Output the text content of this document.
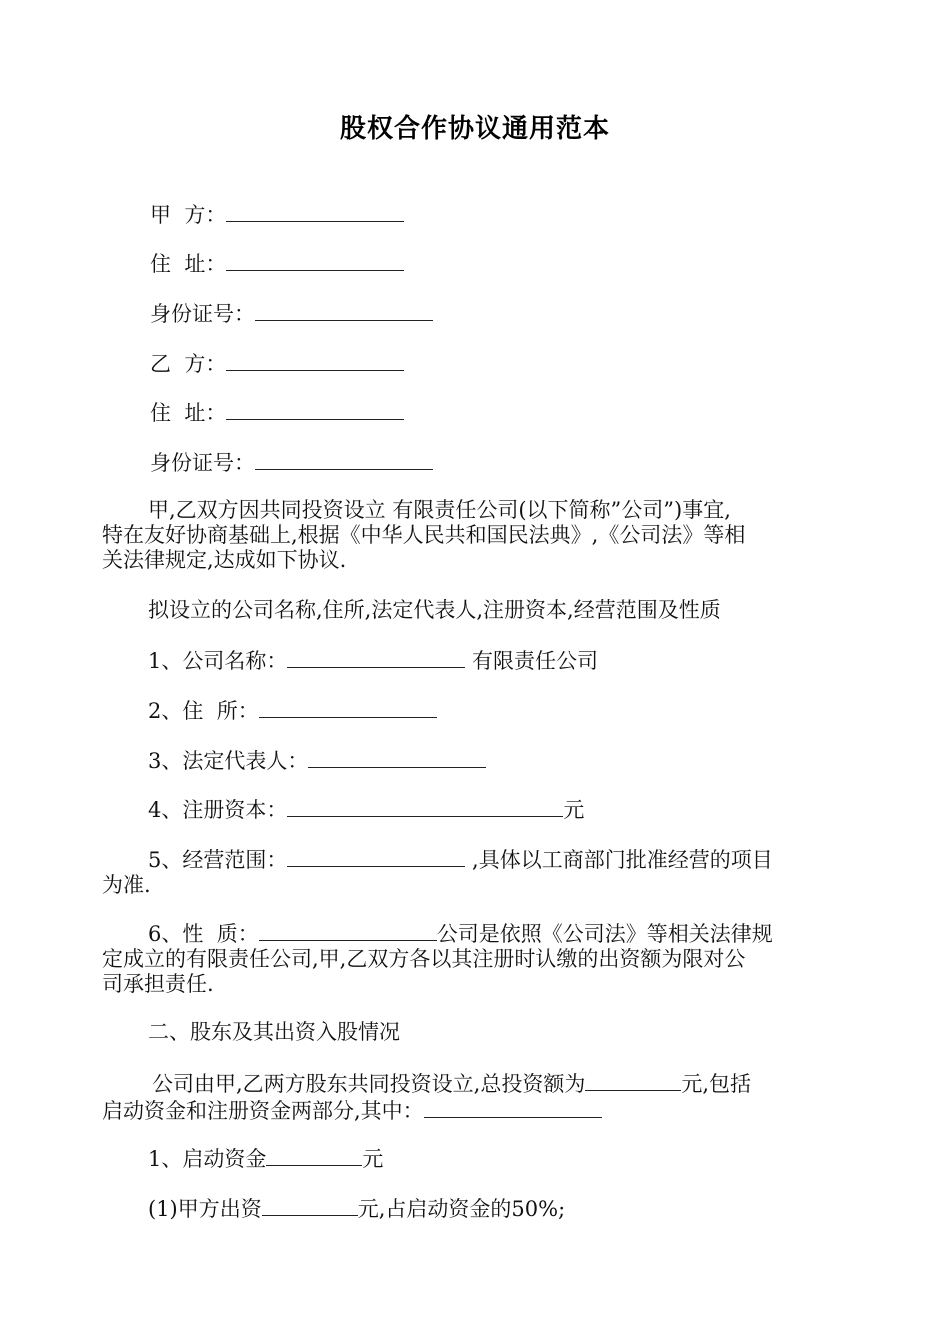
股权合作协议通用范本
甲  方：
住  址：
身份证号：
乙  方：
住  址：
身份证号：
甲,乙双方因共同投资设立 有限责任公司(以下简称”公司”)事宜,
特在友好协商基础上,根据《中华人民共和国民法典》,《公司法》等相
关法律规定,达成如下协议.
拟设立的公司名称,住所,法定代表人,注册资本,经营范围及性质
1、公司名称：	有限责任公司
2、住  所：
3、法定代表人：
4、注册资本：	元
5、经营范围：	,具体以工商部门批准经营的项目
为准.
6、性  质：	公司是依照《公司法》等相关法律规
定成立的有限责任公司,甲,乙双方各以其注册时认缴的出资额为限对公
司承担责任.
二、股东及其出资入股情况
公司由甲,乙两方股东共同投资设立,总投资额为	元,包括
启动资金和注册资金两部分,其中：
1、启动资金	元
(1)甲方出资	元,占启动资金的50%;
